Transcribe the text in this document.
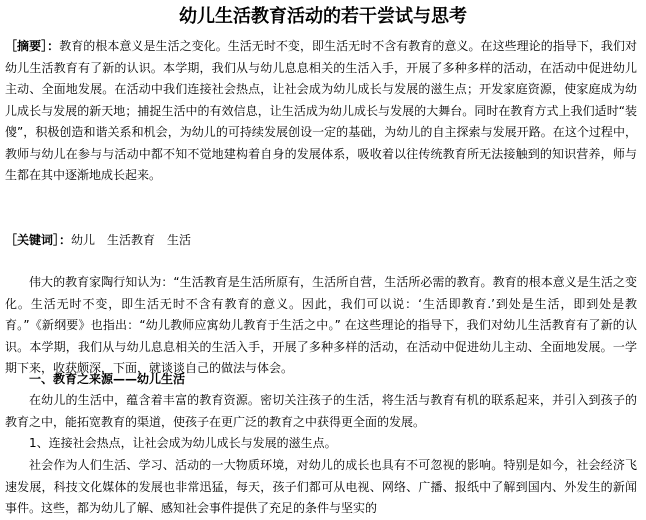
幼儿生活教育活动的若干尝试与思考

［摘要］：教育的根本意义是生活之变化。生活无时不变，即生活无时不含有教育的意义。在这些理论的指导下，我们对幼儿生活教育有了新的认识。本学期，我们从与幼儿息息相关的生活入手，开展了多种多样的活动，在活动中促进幼儿主动、全面地发展。在活动中我们连接社会热点，让社会成为幼儿成长与发展的滋生点；开发家庭资源，使家庭成为幼儿成长与发展的新天地；捕捉生活中的有效信息，让生活成为幼儿成长与发展的大舞台。同时在教育方式上我们适时“装傻”，积极创造和谐关系和机会，为幼儿的可持续发展创设一定的基础，为幼儿的自主探索与发展开路。在这个过程中，教师与幼儿在参与与活动中都不知不觉地建构着自身的发展体系，吸收着以往传统教育所无法接触到的知识营养，师与生都在其中逐渐地成长起来。

［关键词］：幼儿　生活教育　生活

伟大的教育家陶行知认为：“生活教育是生活所原有，生活所自营，生活所必需的教育。教育的根本意义是生活之变化。生活无时不变，即生活无时不含有教育的意义。因此，我们可以说：‘生活即教育.’到处是生活，即到处是教育。”《新纲要》也指出：“幼儿教师应寓幼儿教育于生活之中。” 在这些理论的指导下，我们对幼儿生活教育有了新的认识。本学期，我们从与幼儿息息相关的生活入手，开展了多种多样的活动，在活动中促进幼儿主动、全面地发展。一学期下来，收获颇深，下面，就谈谈自己的做法与体会。

一、教育之来源——幼儿生活

在幼儿的生活中，蕴含着丰富的教育资源。密切关注孩子的生活，将生活与教育有机的联系起来，并引入到孩子的教育之中，能拓宽教育的渠道，使孩子在更广泛的教育之中获得更全面的发展。

1、连接社会热点，让社会成为幼儿成长与发展的滋生点。

社会作为人们生活、学习、活动的一大物质环境，对幼儿的成长也具有不可忽视的影响。特别是如今，社会经济飞速发展，科技文化媒体的发展也非常迅猛，每天，孩子们都可从电视、网络、广播、报纸中了解到国内、外发生的新闻事件。这些，都为幼儿了解、感知社会事件提供了充足的条件与坚实的
